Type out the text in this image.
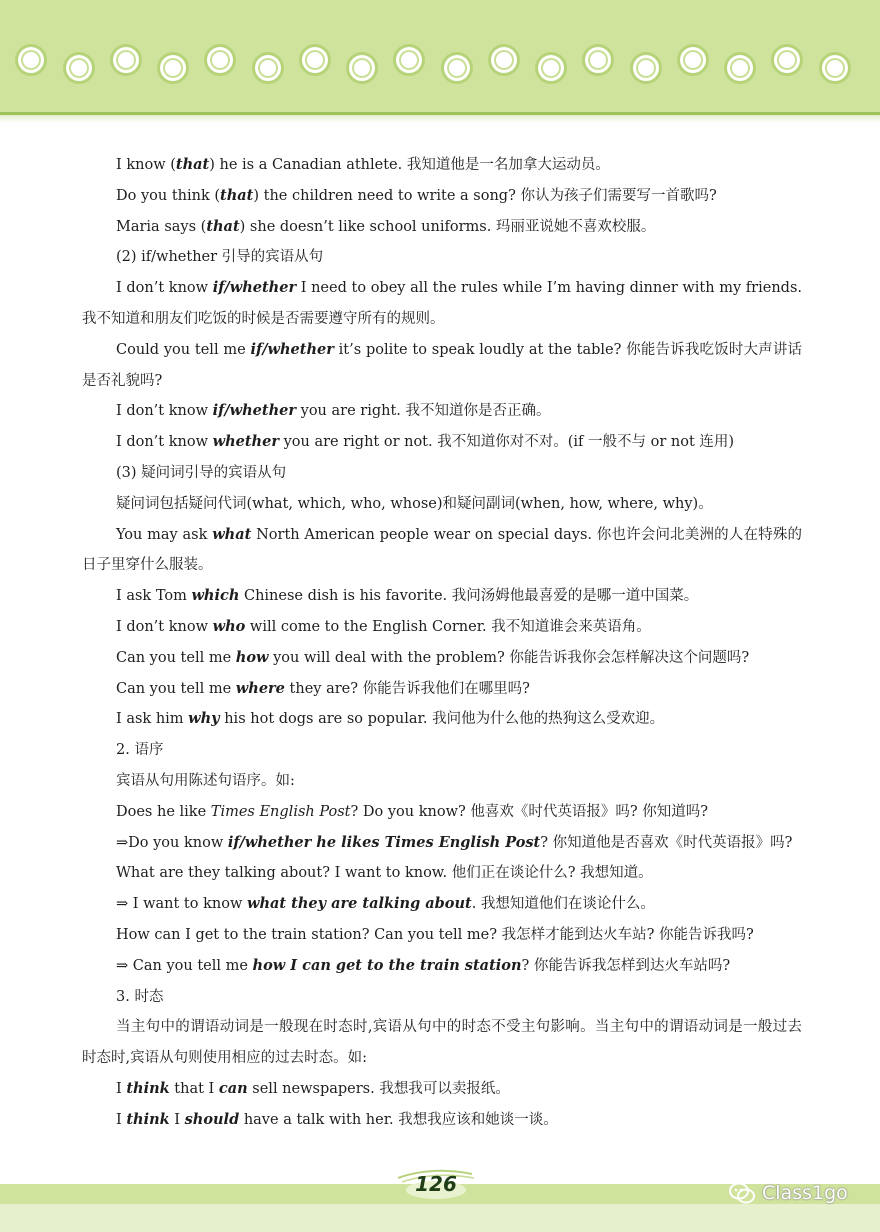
I know (that) he is a Canadian athlete. 我知道他是一名加拿大运动员。

Do you think (that) the children need to write a song? 你认为孩子们需要写一首歌吗?

Maria says (that) she doesn’t like school uniforms. 玛丽亚说她不喜欢校服。

(2) if/whether 引导的宾语从句

I don’t know if/whether I need to obey all the rules while I’m having dinner with my friends. 我不知道和朋友们吃饭的时候是否需要遵守所有的规则。

Could you tell me if/whether it’s polite to speak loudly at the table? 你能告诉我吃饭时大声讲话是否礼貌吗?

I don’t know if/whether you are right. 我不知道你是否正确。

I don’t know whether you are right or not. 我不知道你对不对。(if 一般不与 or not 连用)

(3) 疑问词引导的宾语从句

疑问词包括疑问代词(what, which, who, whose)和疑问副词(when, how, where, why)。

You may ask what North American people wear on special days. 你也许会问北美洲的人在特殊的日子里穿什么服装。

I ask Tom which Chinese dish is his favorite. 我问汤姆他最喜爱的是哪一道中国菜。

I don’t know who will come to the English Corner. 我不知道谁会来英语角。

Can you tell me how you will deal with the problem? 你能告诉我你会怎样解决这个问题吗?

Can you tell me where they are? 你能告诉我他们在哪里吗?

I ask him why his hot dogs are so popular. 我问他为什么他的热狗这么受欢迎。

2. 语序

宾语从句用陈述句语序。如:

Does he like Times English Post? Do you know? 他喜欢《时代英语报》吗? 你知道吗?

⇒Do you know if/whether he likes Times English Post? 你知道他是否喜欢《时代英语报》吗?

What are they talking about? I want to know. 他们正在谈论什么? 我想知道。

⇒ I want to know what they are talking about. 我想知道他们在谈论什么。

How can I get to the train station? Can you tell me? 我怎样才能到达火车站? 你能告诉我吗?

⇒ Can you tell me how I can get to the train station? 你能告诉我怎样到达火车站吗?

3. 时态

当主句中的谓语动词是一般现在时态时,宾语从句中的时态不受主句影响。当主句中的谓语动词是一般过去时态时,宾语从句则使用相应的过去时态。如:

I think that I can sell newspapers. 我想我可以卖报纸。

I think I should have a talk with her. 我想我应该和她谈一谈。

126	Class1go
